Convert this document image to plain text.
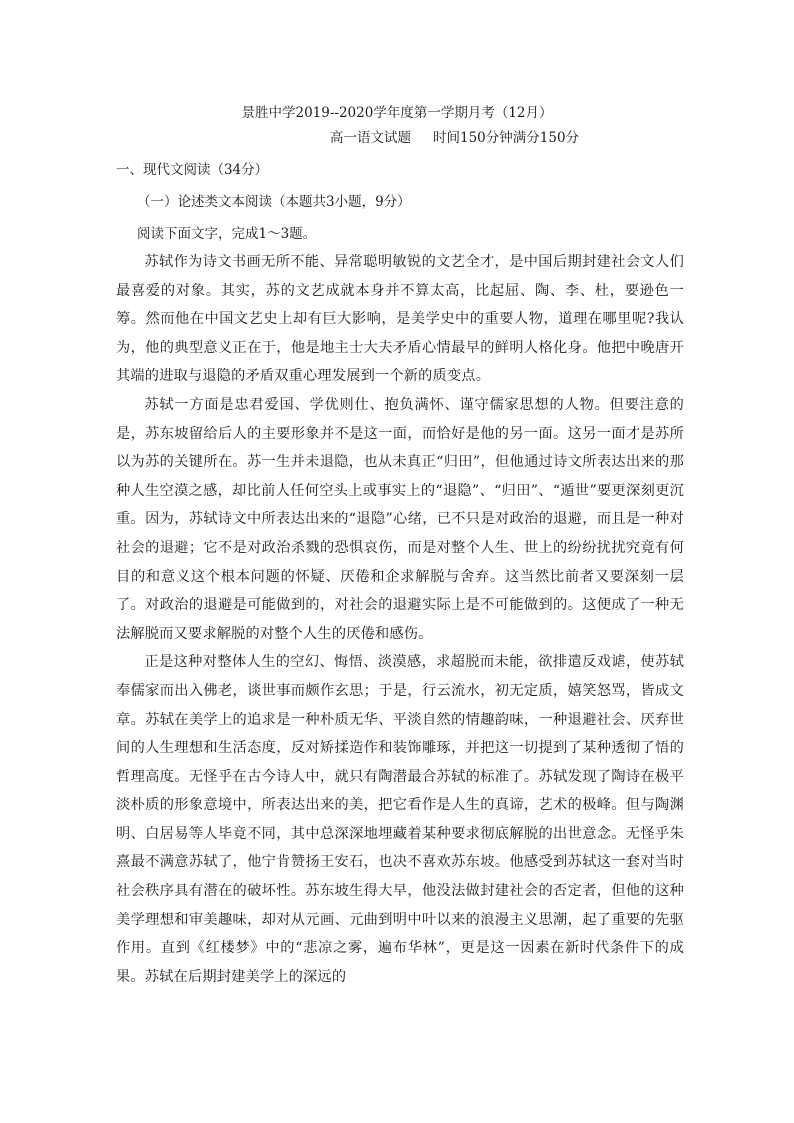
景胜中学2019--2020学年度第一学期月考（12月）
高一语文试题 时间150分钟满分150分
一、现代文阅读（34分）
（一）论述类文本阅读（本题共3小题，9分）
阅读下面文字，完成1～3题。

苏轼作为诗文书画无所不能、异常聪明敏锐的文艺全才，是中国后期封建社会文人们最喜爱的对象。其实，苏的文艺成就本身并不算太高，比起屈、陶、李、杜，要逊色一筹。然而他在中国文艺史上却有巨大影响，是美学史中的重要人物，道理在哪里呢?我认为，他的典型意义正在于，他是地主士大夫矛盾心情最早的鲜明人格化身。他把中晚唐开其端的进取与退隐的矛盾双重心理发展到一个新的质变点。

苏轼一方面是忠君爱国、学优则仕、抱负满怀、谨守儒家思想的人物。但要注意的是，苏东坡留给后人的主要形象并不是这一面，而恰好是他的另一面。这另一面才是苏所以为苏的关键所在。苏一生并未退隐，也从未真正“归田”，但他通过诗文所表达出来的那种人生空漠之感，却比前人任何空头上或事实上的“退隐”、“归田”、“遁世”要更深刻更沉重。因为，苏轼诗文中所表达出来的“退隐”心绪，已不只是对政治的退避，而且是一种对社会的退避；它不是对政治杀戮的恐惧哀伤，而是对整个人生、世上的纷纷扰扰究竟有何目的和意义这个根本问题的怀疑、厌倦和企求解脱与舍弃。这当然比前者又要深刻一层了。对政治的退避是可能做到的，对社会的退避实际上是不可能做到的。这便成了一种无法解脱而又要求解脱的对整个人生的厌倦和感伤。

正是这种对整体人生的空幻、悔悟、淡漠感，求超脱而未能，欲排遣反戏谑，使苏轼奉儒家而出入佛老，谈世事而颇作玄思；于是，行云流水，初无定质，嬉笑怒骂，皆成文章。苏轼在美学上的追求是一种朴质无华、平淡自然的情趣韵味，一种退避社会、厌弃世间的人生理想和生活态度，反对矫揉造作和装饰雕琢，并把这一切提到了某种透彻了悟的哲理高度。无怪乎在古今诗人中，就只有陶潜最合苏轼的标准了。苏轼发现了陶诗在极平淡朴质的形象意境中，所表达出来的美，把它看作是人生的真谛，艺术的极峰。但与陶渊明、白居易等人毕竟不同，其中总深深地埋藏着某种要求彻底解脱的出世意念。无怪乎朱熹最不满意苏轼了，他宁肯赞扬王安石，也决不喜欢苏东坡。他感受到苏轼这一套对当时社会秩序具有潜在的破坏性。苏东坡生得大早，他没法做封建社会的否定者，但他的这种美学理想和审美趣味，却对从元画、元曲到明中叶以来的浪漫主义思潮，起了重要的先驱作用。直到《红楼梦》中的“悲凉之雾，遍布华林”，更是这一因素在新时代条件下的成果。苏轼在后期封建美学上的深远的
